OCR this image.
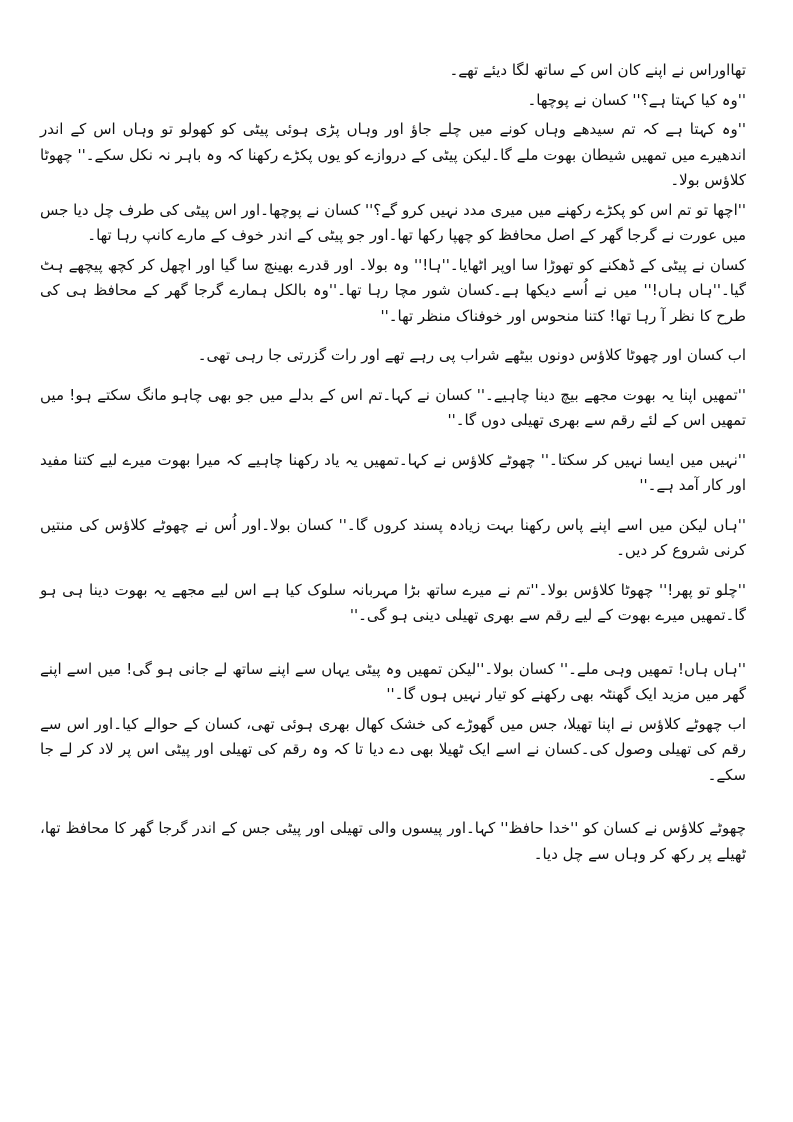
تھااوراس نے اپنے کان اس کے ساتھ لگا دیئے تھے۔

''وہ کیا کہتا ہے؟'' کسان نے پوچھا۔

''وہ کہتا ہے کہ تم سیدھے وہاں کونے میں چلے جاؤ اور وہاں پڑی ہوئی پیٹی کو کھولو تو وہاں اس کے اندر اندھیرے میں تمھیں شیطان بھوت ملے گا۔لیکن پیٹی کے دروازے کو یوں پکڑے رکھنا کہ وہ باہر نہ نکل سکے۔'' چھوٹا کلاؤس بولا۔

''اچھا تو تم اس کو پکڑے رکھنے میں میری مدد نہیں کرو گے؟'' کسان نے پوچھا۔اور اس پیٹی کی طرف چل دیا جس میں عورت نے گرجا گھر کے اصل محافظ کو چھپا رکھا تھا۔اور جو پیٹی کے اندر خوف کے مارے کانپ رہا تھا۔

کسان نے پیٹی کے ڈھکنے کو تھوڑا سا اوپر اٹھایا۔''ہا!'' وہ بولا۔ اور قدرے بھینچ سا گیا اور اچھل کر کچھ پیچھے ہٹ گیا۔''ہاں ہاں!'' میں نے اُسے دیکھا ہے۔کسان شور مچا رہا تھا۔''وہ بالکل ہمارے گرجا گھر کے محافظ ہی کی طرح کا نظر آ رہا تھا! کتنا منحوس اور خوفناک منظر تھا۔''

اب کسان اور چھوٹا کلاؤس دونوں بیٹھے شراب پی رہے تھے اور رات گزرتی جا رہی تھی۔

''تمھیں اپنا یہ بھوت مجھے بیچ دینا چاہیے۔'' کسان نے کہا۔تم اس کے بدلے میں جو بھی چاہو مانگ سکتے ہو! میں تمھیں اس کے لئے رقم سے بھری تھیلی دوں گا۔''

''نہیں میں ایسا نہیں کر سکتا۔'' چھوٹے کلاؤس نے کہا۔تمھیں یہ یاد رکھنا چاہیے کہ میرا بھوت میرے لیے کتنا مفید اور کار آمد ہے۔''

''ہاں لیکن میں اسے اپنے پاس رکھنا بہت زیادہ پسند کروں گا۔'' کسان بولا۔اور اُس نے چھوٹے کلاؤس کی منتیں کرنی شروع کر دیں۔

''چلو تو پھر!'' چھوٹا کلاؤس بولا۔''تم نے میرے ساتھ بڑا مہربانہ سلوک کیا ہے اس لیے مجھے یہ بھوت دینا ہی ہو گا۔تمھیں میرے بھوت کے لیے رقم سے بھری تھیلی دینی ہو گی۔''

''ہاں ہاں! تمھیں وہی ملے۔'' کسان بولا۔''لیکن تمھیں وہ پیٹی یہاں سے اپنے ساتھ لے جانی ہو گی! میں اسے اپنے گھر میں مزید ایک گھنٹہ بھی رکھنے کو تیار نہیں ہوں گا۔''

اب چھوٹے کلاؤس نے اپنا تھیلا، جس میں گھوڑے کی خشک کھال بھری ہوئی تھی، کسان کے حوالے کیا۔اور اس سے رقم کی تھیلی وصول کی۔کسان نے اسے ایک ٹھیلا بھی دے دیا تا کہ وہ رقم کی تھیلی اور پیٹی اس پر لاد کر لے جا سکے۔

چھوٹے کلاؤس نے کسان کو ''خدا حافظ'' کہا۔اور پیسوں والی تھیلی اور پیٹی جس کے اندر گرجا گھر کا محافظ تھا، ٹھیلے پر رکھ کر وہاں سے چل دیا۔
